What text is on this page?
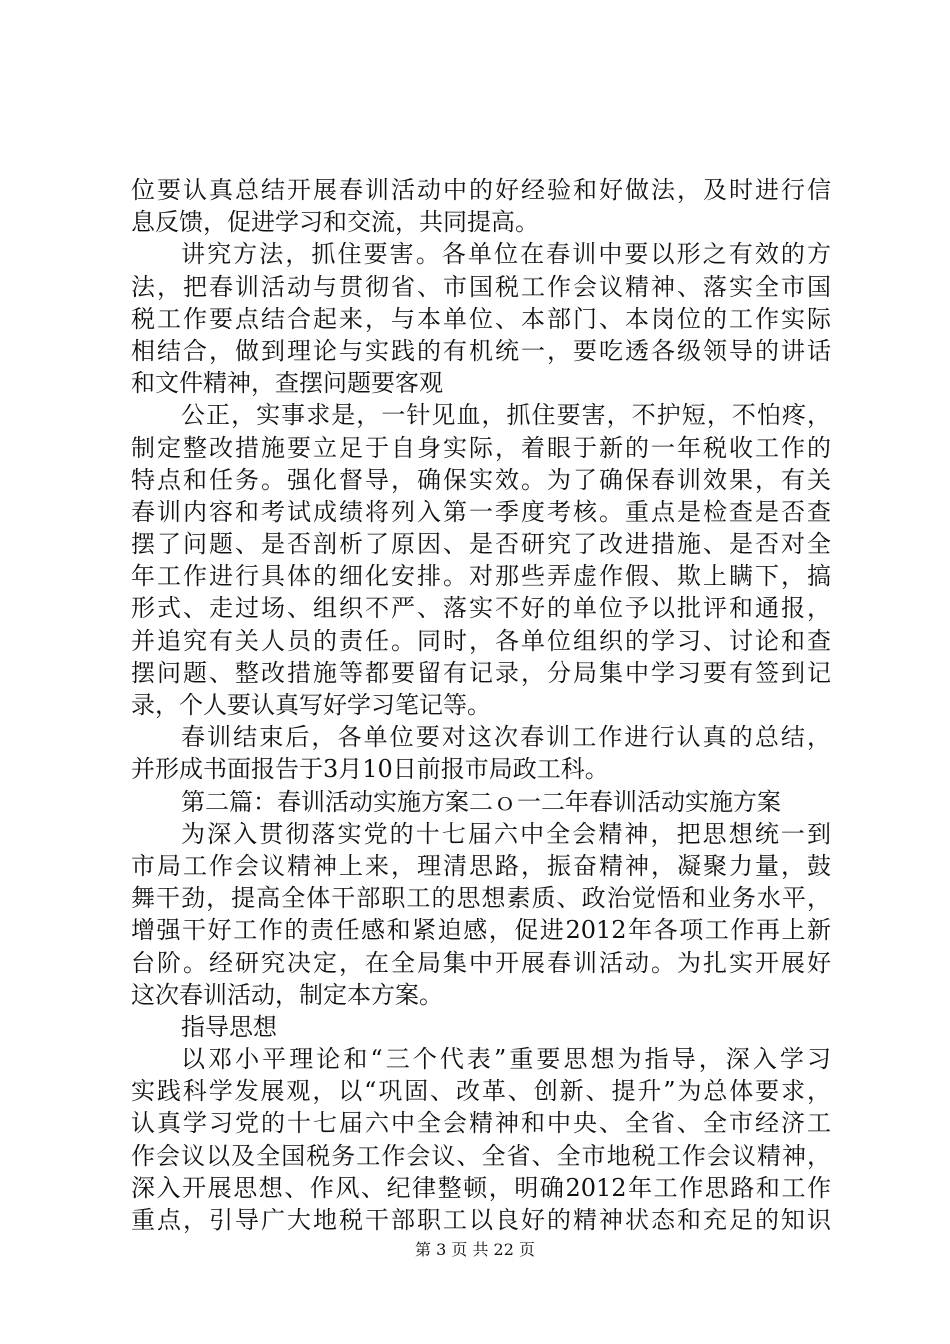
位要认真总结开展春训活动中的好经验和好做法，及时进行信
息反馈，促进学习和交流，共同提高。
讲究方法，抓住要害。各单位在春训中要以形之有效的方
法，把春训活动与贯彻省、市国税工作会议精神、落实全市国
税工作要点结合起来，与本单位、本部门、本岗位的工作实际
相结合，做到理论与实践的有机统一，要吃透各级领导的讲话
和文件精神，查摆问题要客观
公正，实事求是，一针见血，抓住要害，不护短，不怕疼，
制定整改措施要立足于自身实际，着眼于新的一年税收工作的
特点和任务。强化督导，确保实效。为了确保春训效果，有关
春训内容和考试成绩将列入第一季度考核。重点是检查是否查
摆了问题、是否剖析了原因、是否研究了改进措施、是否对全
年工作进行具体的细化安排。对那些弄虚作假、欺上瞒下，搞
形式、走过场、组织不严、落实不好的单位予以批评和通报，
并追究有关人员的责任。同时，各单位组织的学习、讨论和查
摆问题、整改措施等都要留有记录，分局集中学习要有签到记
录，个人要认真写好学习笔记等。
春训结束后，各单位要对这次春训工作进行认真的总结，
并形成书面报告于3月10日前报市局政工科。
第二篇：春训活动实施方案二ｏ一二年春训活动实施方案
为深入贯彻落实党的十七届六中全会精神，把思想统一到
市局工作会议精神上来，理清思路，振奋精神，凝聚力量，鼓
舞干劲，提高全体干部职工的思想素质、政治觉悟和业务水平，
增强干好工作的责任感和紧迫感，促进2012年各项工作再上新
台阶。经研究决定，在全局集中开展春训活动。为扎实开展好
这次春训活动，制定本方案。
指导思想
以邓小平理论和“三个代表”重要思想为指导，深入学习
实践科学发展观，以“巩固、改革、创新、提升”为总体要求，
认真学习党的十七届六中全会精神和中央、全省、全市经济工
作会议以及全国税务工作会议、全省、全市地税工作会议精神，
深入开展思想、作风、纪律整顿，明确2012年工作思路和工作
重点，引导广大地税干部职工以良好的精神状态和充足的知识
第 3 页 共 22 页
